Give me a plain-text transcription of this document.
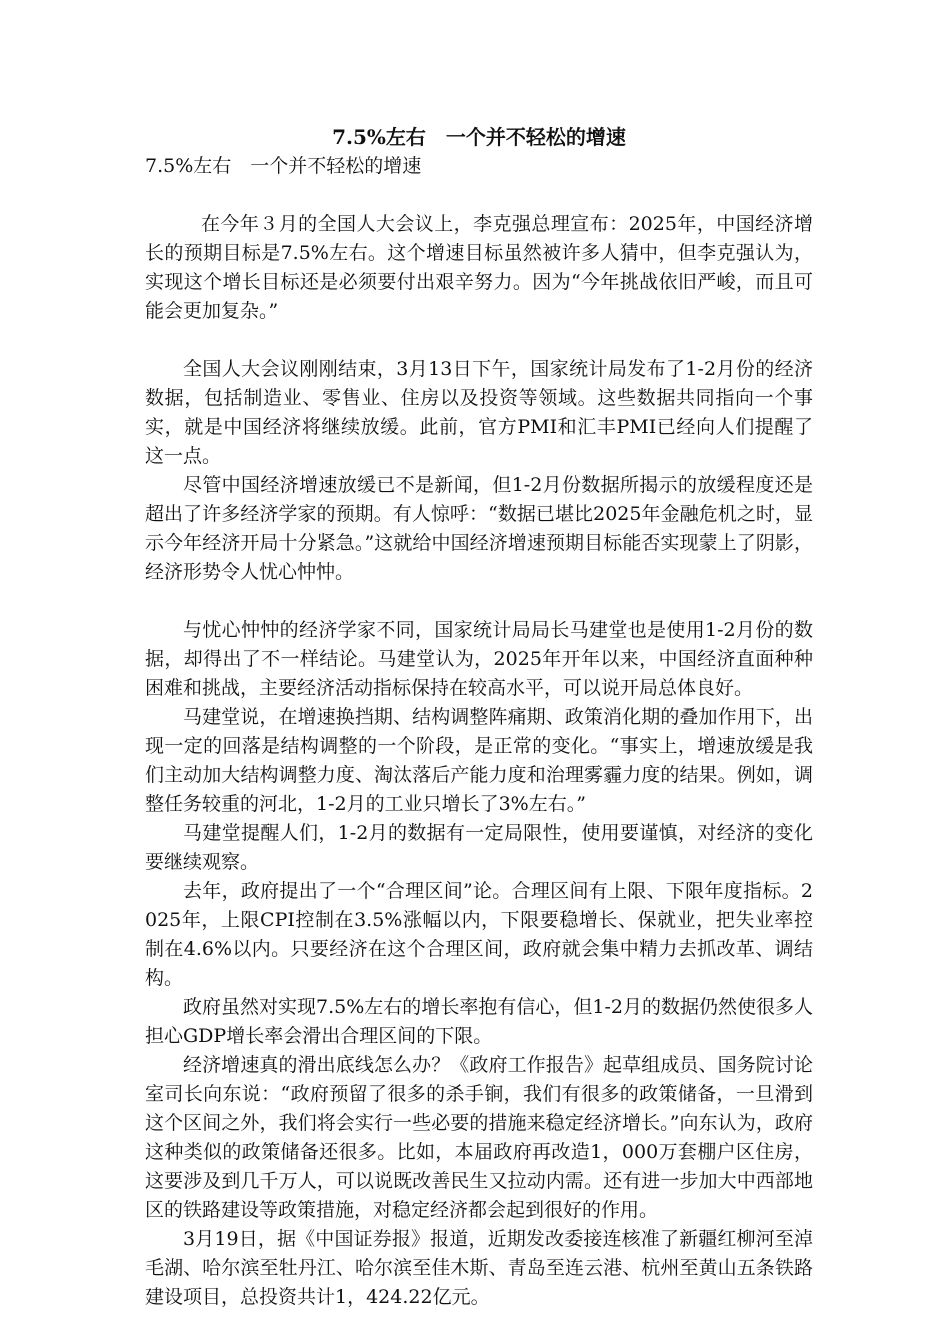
7.5%左右　一个并不轻松的增速

7.5%左右　一个并不轻松的增速

在今年３月的全国人大会议上，李克强总理宣布：2025年，中国经济增长的预期目标是7.5%左右。这个增速目标虽然被许多人猜中，但李克强认为，实现这个增长目标还是必须要付出艰辛努力。因为“今年挑战依旧严峻，而且可能会更加复杂。”

全国人大会议刚刚结束，3月13日下午，国家统计局发布了1-2月份的经济数据，包括制造业、零售业、住房以及投资等领域。这些数据共同指向一个事实，就是中国经济将继续放缓。此前，官方PMI和汇丰PMI已经向人们提醒了这一点。

尽管中国经济增速放缓已不是新闻，但1-2月份数据所揭示的放缓程度还是超出了许多经济学家的预期。有人惊呼：“数据已堪比2025年金融危机之时，显示今年经济开局十分紧急。”这就给中国经济增速预期目标能否实现蒙上了阴影，经济形势令人忧心忡忡。

与忧心忡忡的经济学家不同，国家统计局局长马建堂也是使用1-2月份的数据，却得出了不一样结论。马建堂认为，2025年开年以来，中国经济直面种种困难和挑战，主要经济活动指标保持在较高水平，可以说开局总体良好。

马建堂说，在增速换挡期、结构调整阵痛期、政策消化期的叠加作用下，出现一定的回落是结构调整的一个阶段，是正常的变化。“事实上，增速放缓是我们主动加大结构调整力度、淘汰落后产能力度和治理雾霾力度的结果。例如，调整任务较重的河北，1-2月的工业只增长了3%左右。”

马建堂提醒人们，1-2月的数据有一定局限性，使用要谨慎，对经济的变化要继续观察。

去年，政府提出了一个“合理区间”论。合理区间有上限、下限年度指标。2025年，上限CPI控制在3.5%涨幅以内，下限要稳增长、保就业，把失业率控制在4.6%以内。只要经济在这个合理区间，政府就会集中精力去抓改革、调结构。

政府虽然对实现7.5%左右的增长率抱有信心，但1-2月的数据仍然使很多人担心GDP增长率会滑出合理区间的下限。

经济增速真的滑出底线怎么办？《政府工作报告》起草组成员、国务院讨论室司长向东说：“政府预留了很多的杀手锏，我们有很多的政策储备，一旦滑到这个区间之外，我们将会实行一些必要的措施来稳定经济增长。”向东认为，政府这种类似的政策储备还很多。比如，本届政府再改造1，000万套棚户区住房，这要涉及到几千万人，可以说既改善民生又拉动内需。还有进一步加大中西部地区的铁路建设等政策措施，对稳定经济都会起到很好的作用。

3月19日，据《中国证券报》报道，近期发改委接连核准了新疆红柳河至淖毛湖、哈尔滨至牡丹江、哈尔滨至佳木斯、青岛至连云港、杭州至黄山五条铁路建设项目，总投资共计1，424.22亿元。
